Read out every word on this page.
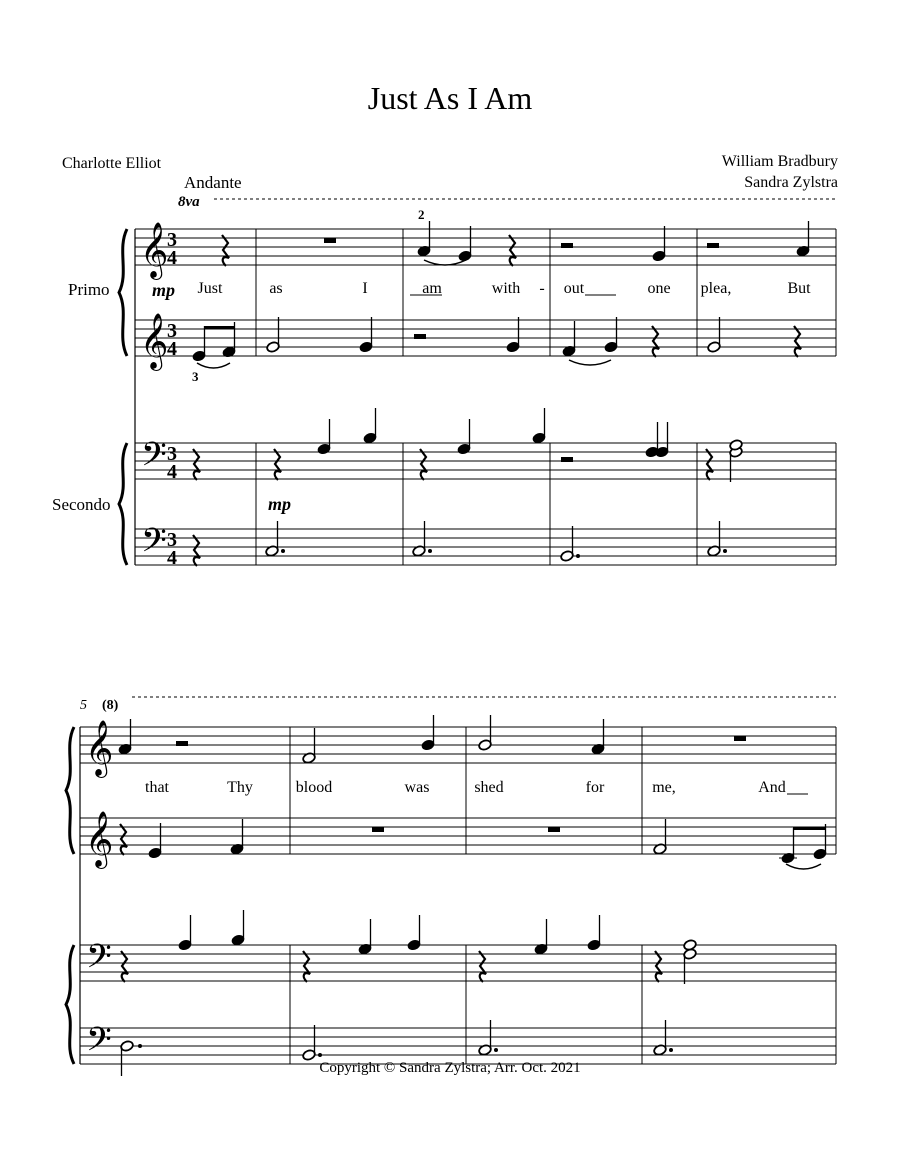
Just As I Am
Charlotte Elliot	William Bradbury
Sandra Zylstra
Andante
Primo
Secondo
Copyright © Sandra Zylstra; Arr. Oct. 2021
𝄞
𝄞
𝄢
𝄢
𝄞
𝄞
𝄢
𝄢
3
4
3
4
3
4
3
4
8va
5 (8)
mp
mp
2
3
Just	as	I	am	with - out	one plea,	But
that	Thy	blood	was	shed	for	me,	And
